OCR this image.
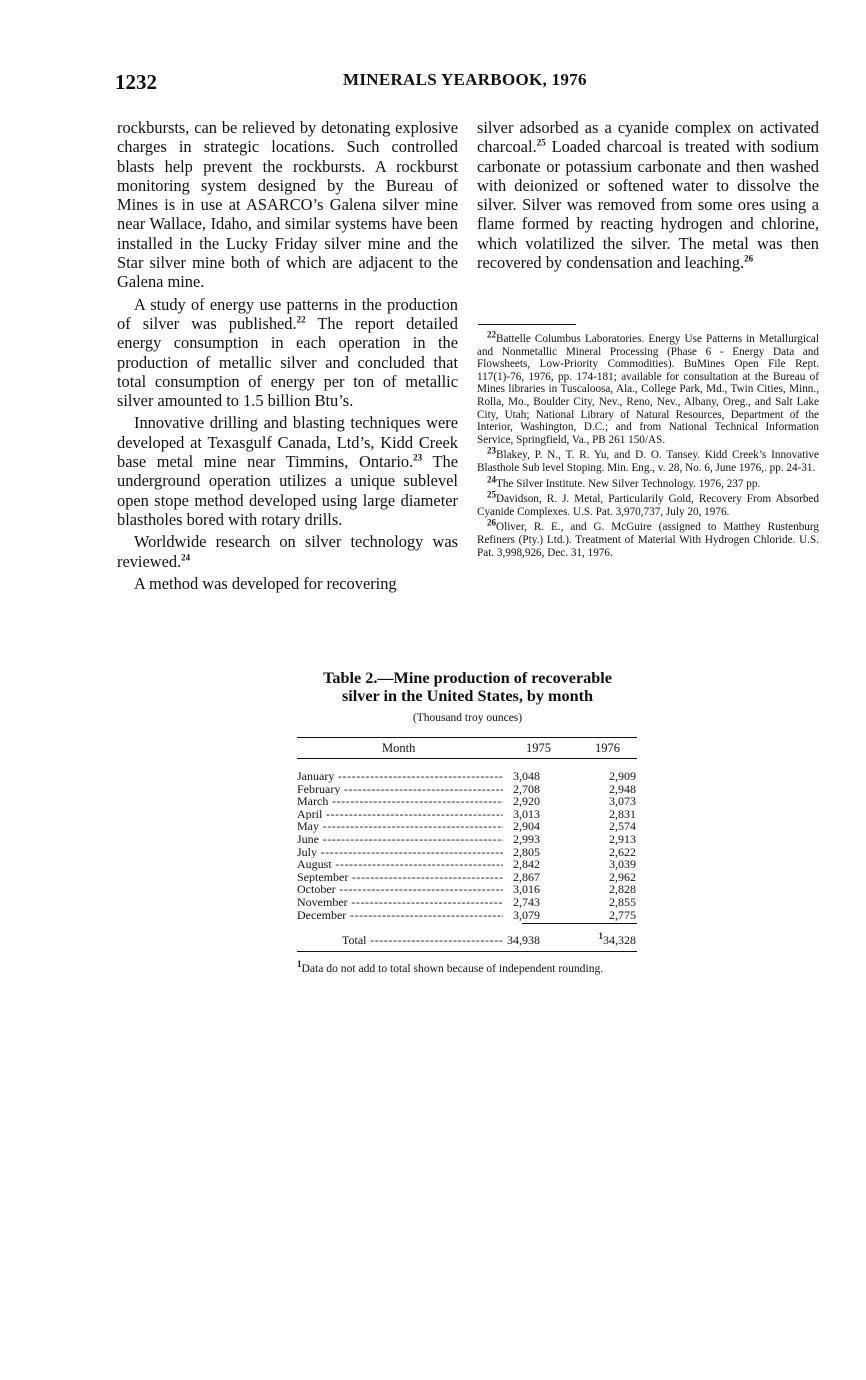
1232	MINERALS YEARBOOK, 1976

rockbursts, can be relieved by detonating explosive charges in strategic locations. Such controlled blasts help prevent the rockbursts. A rockburst monitoring system designed by the Bureau of Mines is in use at ASARCO’s Galena silver mine near Wallace, Idaho, and similar systems have been installed in the Lucky Friday silver mine and the Star silver mine both of which are adjacent to the Galena mine.

A study of energy use patterns in the production of silver was published.$^{22}$ The report detailed energy consumption in each operation in the production of metallic silver and concluded that total consumption of energy per ton of metallic silver amounted to 1.5 billion Btu’s.

Innovative drilling and blasting techniques were developed at Texasgulf Canada, Ltd’s, Kidd Creek base metal mine near Timmins, Ontario.$^{23}$ The underground operation utilizes a unique sublevel open stope method developed using large diameter blastholes bored with rotary drills.

Worldwide research on silver technology was reviewed.$^{24}$

A method was developed for recovering

silver adsorbed as a cyanide complex on activated charcoal.$^{25}$ Loaded charcoal is treated with sodium carbonate or potassium carbonate and then washed with deionized or softened water to dissolve the silver. Silver was removed from some ores using a flame formed by reacting hydrogen and chlorine, which volatilized the silver. The metal was then recovered by condensation and leaching.$^{26}$

$^{22}$Battelle Columbus Laboratories. Energy Use Patterns in Metallurgical and Nonmetallic Mineral Processing (Phase 6 - Energy Data and Flowsheets, Low-Priority Commodities). BuMines Open File Rept. 117(1)-76, 1976, pp. 174-181; available for consultation at the Bureau of Mines libraries in Tuscaloosa, Ala., College Park, Md., Twin Cities, Minn., Rolla, Mo., Boulder City, Nev., Reno, Nev., Albany, Oreg., and Salt Lake City, Utah; National Library of Natural Resources, Department of the Interior, Washington, D.C.; and from National Technical Information Service, Springfield, Va., PB 261 150/AS.

$^{23}$Blakey, P. N., T. R. Yu, and D. O. Tansey. Kidd Creek’s Innovative Blasthole Sub level Stoping. Min. Eng., v. 28, No. 6, June 1976,. pp. 24-31.

$^{24}$The Silver Institute. New Silver Technology. 1976, 237 pp.

$^{25}$Davidson, R. J. Metal, Particularily Gold, Recovery From Absorbed Cyanide Complexes. U.S. Pat. 3,970,737, July 20, 1976.

$^{26}$Oliver, R. E., and G. McGuire (assigned to Matthey Rustenburg Refiners (Pty.) Ltd.). Treatment of Material With Hydrogen Chloride. U.S. Pat. 3,998,926, Dec. 31, 1976.

Table 2.—Mine production of recoverable
silver in the United States, by month
(Thousand troy ounces)
Month	1975	1976
January -----	3,048	2,909
February -----	2,708	2,948
March -----	2,920	3,073
April -----	3,013	2,831
May -----	2,904	2,574
June -----	2,993	2,913
July -----	2,805	2,622
August -----	2,842	3,039
September -----	2,867	2,962
October -----	3,016	2,828
November -----	2,743	2,855
December -----	3,079	2,775
Total -----	34,938	$^1$34,328
$^1$Data do not add to total shown because of independent rounding.
